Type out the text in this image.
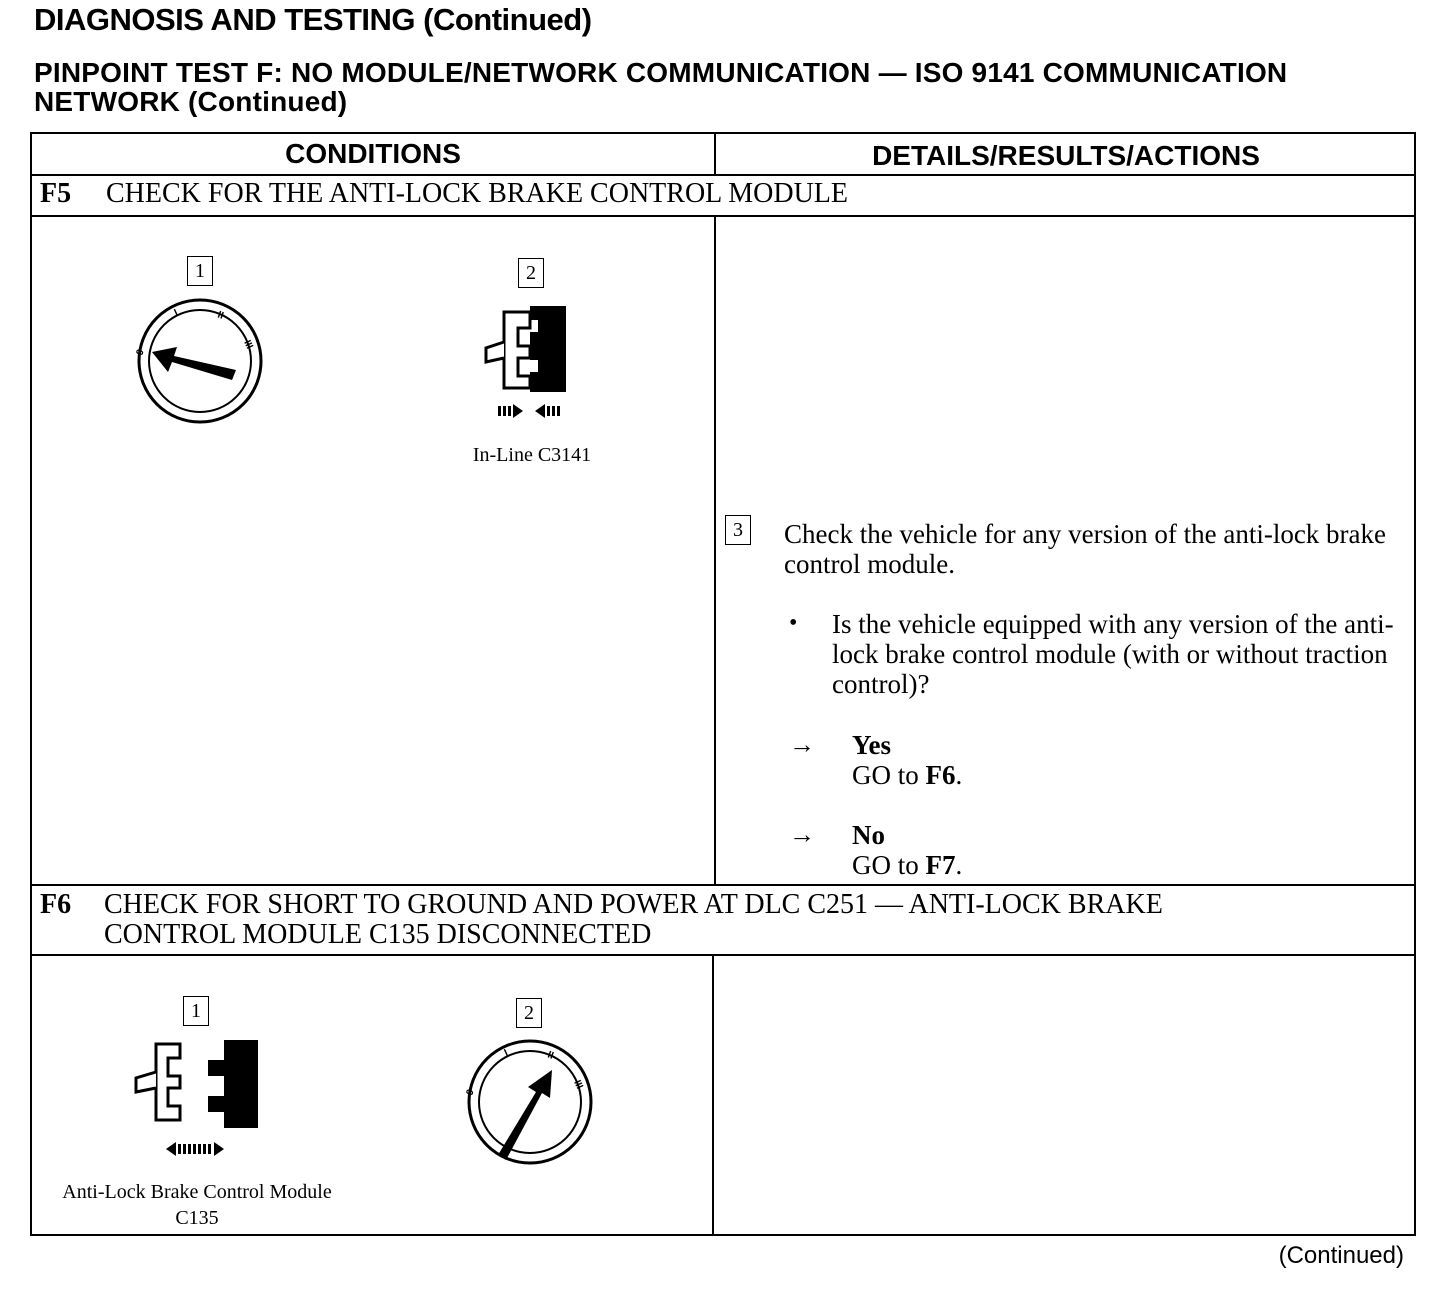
DIAGNOSIS AND TESTING (Continued)
PINPOINT TEST F: NO MODULE/NETWORK COMMUNICATION — ISO 9141 COMMUNICATION NETWORK (Continued)
CONDITIONS	DETAILS/RESULTS/ACTIONS
F5 CHECK FOR THE ANTI-LOCK BRAKE CONTROL MODULE
1
0
I	II
III
2
In-Line C3141
3 Check the vehicle for any version of the anti-lock brake control module.
• Is the vehicle equipped with any version of the anti-lock brake control module (with or without traction control)?
→ Yes
GO to F6.
→ No
GO to F7.
F6 CHECK FOR SHORT TO GROUND AND POWER AT DLC C251 — ANTI-LOCK BRAKE
CONTROL MODULE C135 DISCONNECTED
1
Anti-Lock Brake Control Module
C135
2
0
I	II
III
(Continued)
